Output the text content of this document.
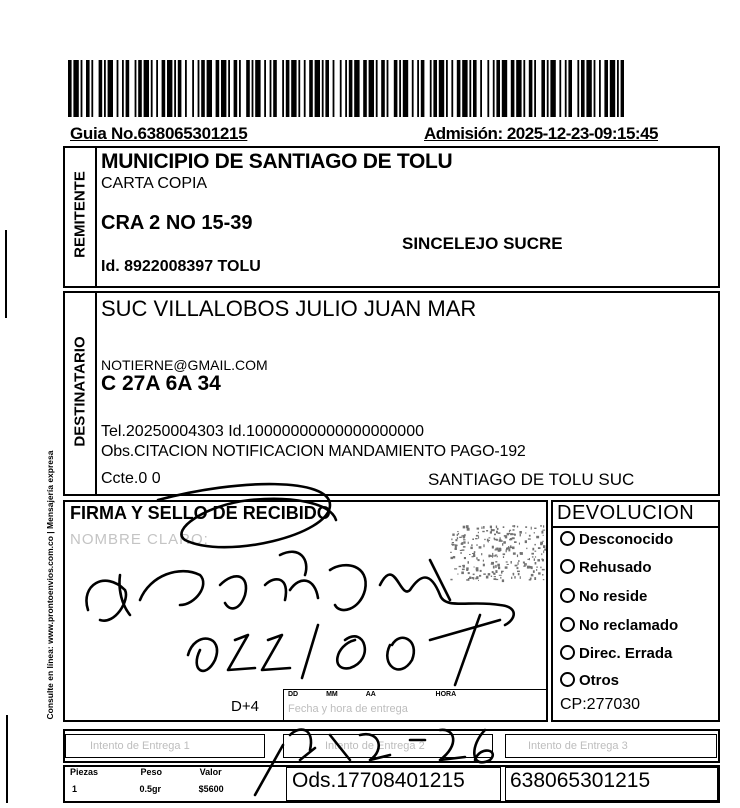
Guia No.638065301215	Admisión: 2025-12-23-09:15:45
Consulte en línea: www.prontoenvios.com.co | Mensajería expresa
REMITENTE
MUNICIPIO DE SANTIAGO DE TOLU
CARTA COPIA
CRA 2 NO 15-39
SINCELEJO SUCRE
Id. 8922008397 TOLU
DESTINATARIO
SUC VILLALOBOS JULIO JUAN MAR
NOTIERNE@GMAIL.COM
C 27A 6A 34
Tel.20250004303 Id.10000000000000000000
Obs.CITACION NOTIFICACION MANDAMIENTO PAGO-192
Ccte.0 0	SANTIAGO DE TOLU SUC
FIRMA Y SELLO DE RECIBIDO
NOMBRE CLARO:
D+4
DD	MM	AA	HORA
Fecha y hora de entrega
DEVOLUCION
Desconocido
Rehusado
No reside
No reclamado
Direc. Errada
Otros
CP:277030
Intento de Entrega 1	Intento de Entrega 2	Intento de Entrega 3
Piezas	Peso	Valor
1	0.5gr	$5600	Ods.17708401215 638065301215
